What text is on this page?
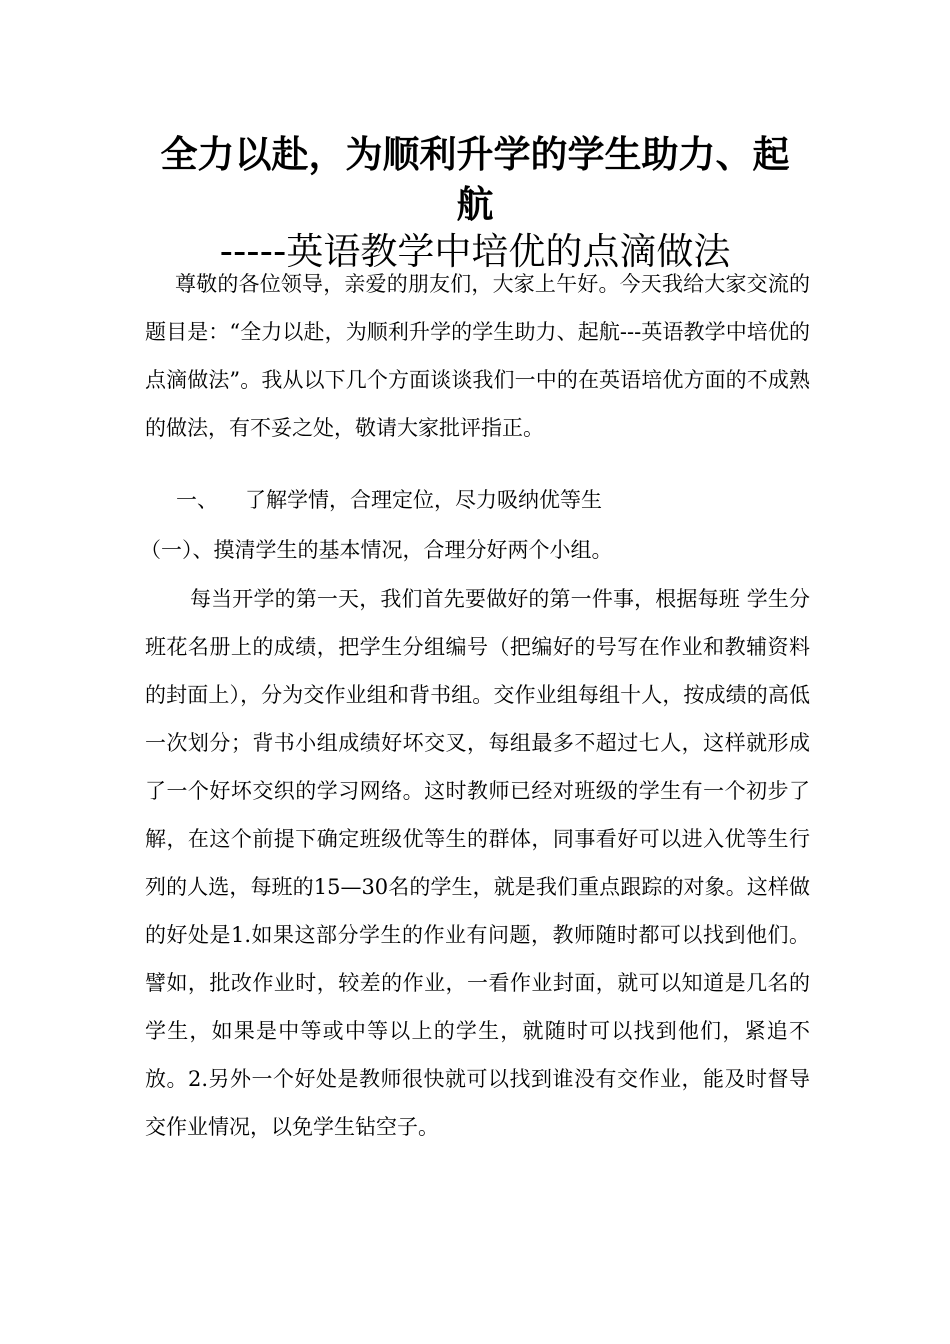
全力以赴，为顺利升学的学生助力、起
航
-----英语教学中培优的点滴做法

尊敬的各位领导，亲爱的朋友们，大家上午好。今天我给大家交流的题目是：“全力以赴，为顺利升学的学生助力、起航---英语教学中培优的点滴做法”。我从以下几个方面谈谈我们一中的在英语培优方面的不成熟的做法，有不妥之处，敬请大家批评指正。

一、 了解学情，合理定位，尽力吸纳优等生
（一）、摸清学生的基本情况，合理分好两个小组。

每当开学的第一天，我们首先要做好的第一件事，根据每班 学生分班花名册上的成绩，把学生分组编号（把编好的号写在作业和教辅资料的封面上），分为交作业组和背书组。交作业组每组十人，按成绩的高低一次划分；背书小组成绩好坏交叉，每组最多不超过七人，这样就形成了一个好坏交织的学习网络。这时教师已经对班级的学生有一个初步了解，在这个前提下确定班级优等生的群体，同事看好可以进入优等生行列的人选，每班的15—30名的学生，就是我们重点跟踪的对象。这样做的好处是1.如果这部分学生的作业有问题，教师随时都可以找到他们。譬如，批改作业时，较差的作业，一看作业封面，就可以知道是几名的学生，如果是中等或中等以上的学生，就随时可以找到他们，紧追不放。2.另外一个好处是教师很快就可以找到谁没有交作业，能及时督导交作业情况，以免学生钻空子。
